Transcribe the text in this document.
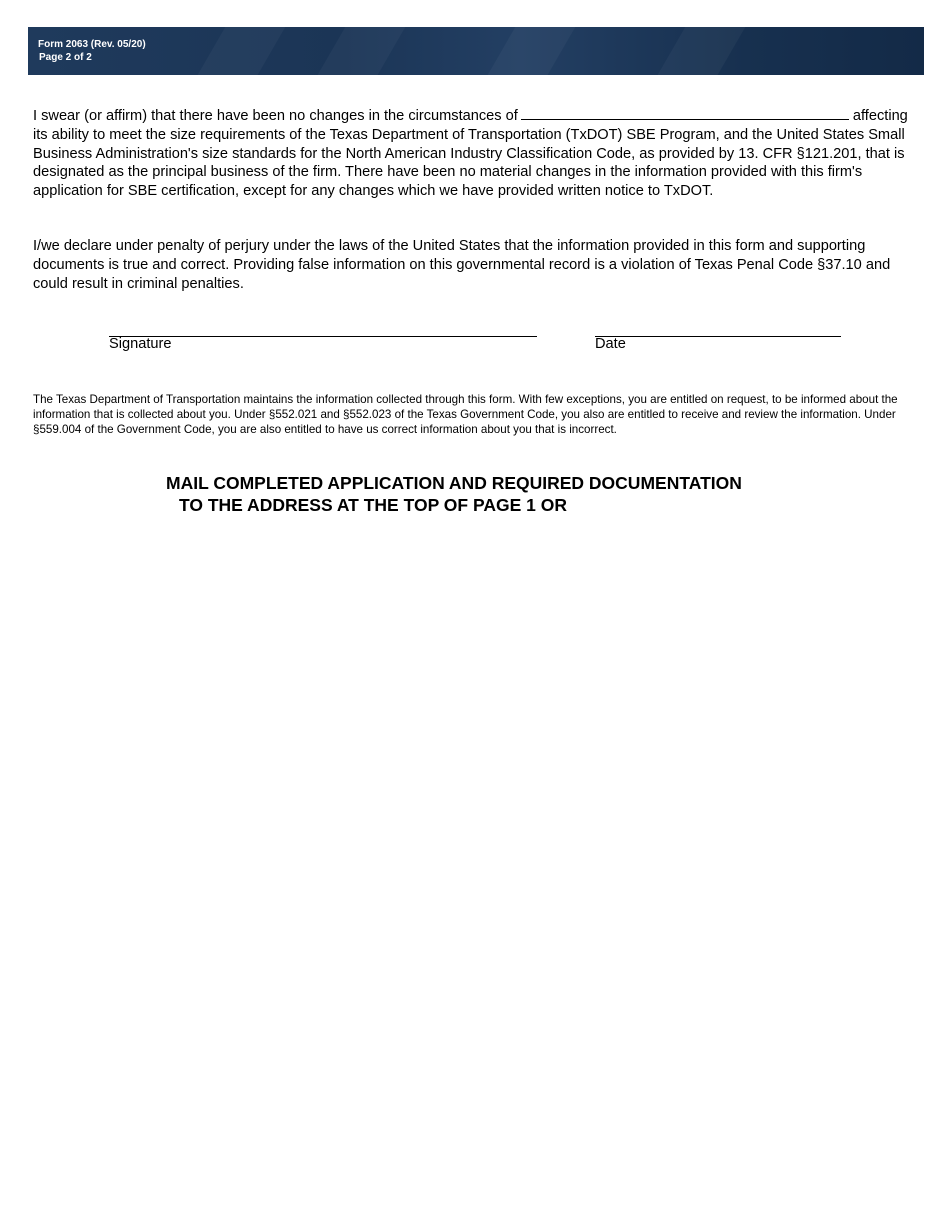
Form 2063 (Rev. 05/20)
Page 2 of 2

I swear (or affirm) that there have been no changes in the circumstances of	affecting its ability to meet the size requirements of the Texas Department of Transportation (TxDOT) SBE Program, and the United States Small Business Administration's size standards for the North American Industry Classification Code, as provided by 13. CFR §121.201, that is designated as the principal business of the firm. There have been no material changes in the information provided with this firm's application for SBE certification, except for any changes which we have provided written notice to TxDOT.

I/we declare under penalty of perjury under the laws of the United States that the information provided in this form and supporting documents is true and correct. Providing false information on this governmental record is a violation of Texas Penal Code §37.10 and could result in criminal penalties.

Signature	Date

The Texas Department of Transportation maintains the information collected through this form. With few exceptions, you are entitled on request, to be informed about the information that is collected about you. Under §552.021 and §552.023 of the Texas Government Code, you also are entitled to receive and review the information. Under §559.004 of the Government Code, you are also entitled to have us correct information about you that is incorrect.

MAIL COMPLETED APPLICATION AND REQUIRED DOCUMENTATION
TO THE ADDRESS AT THE TOP OF PAGE 1 OR
